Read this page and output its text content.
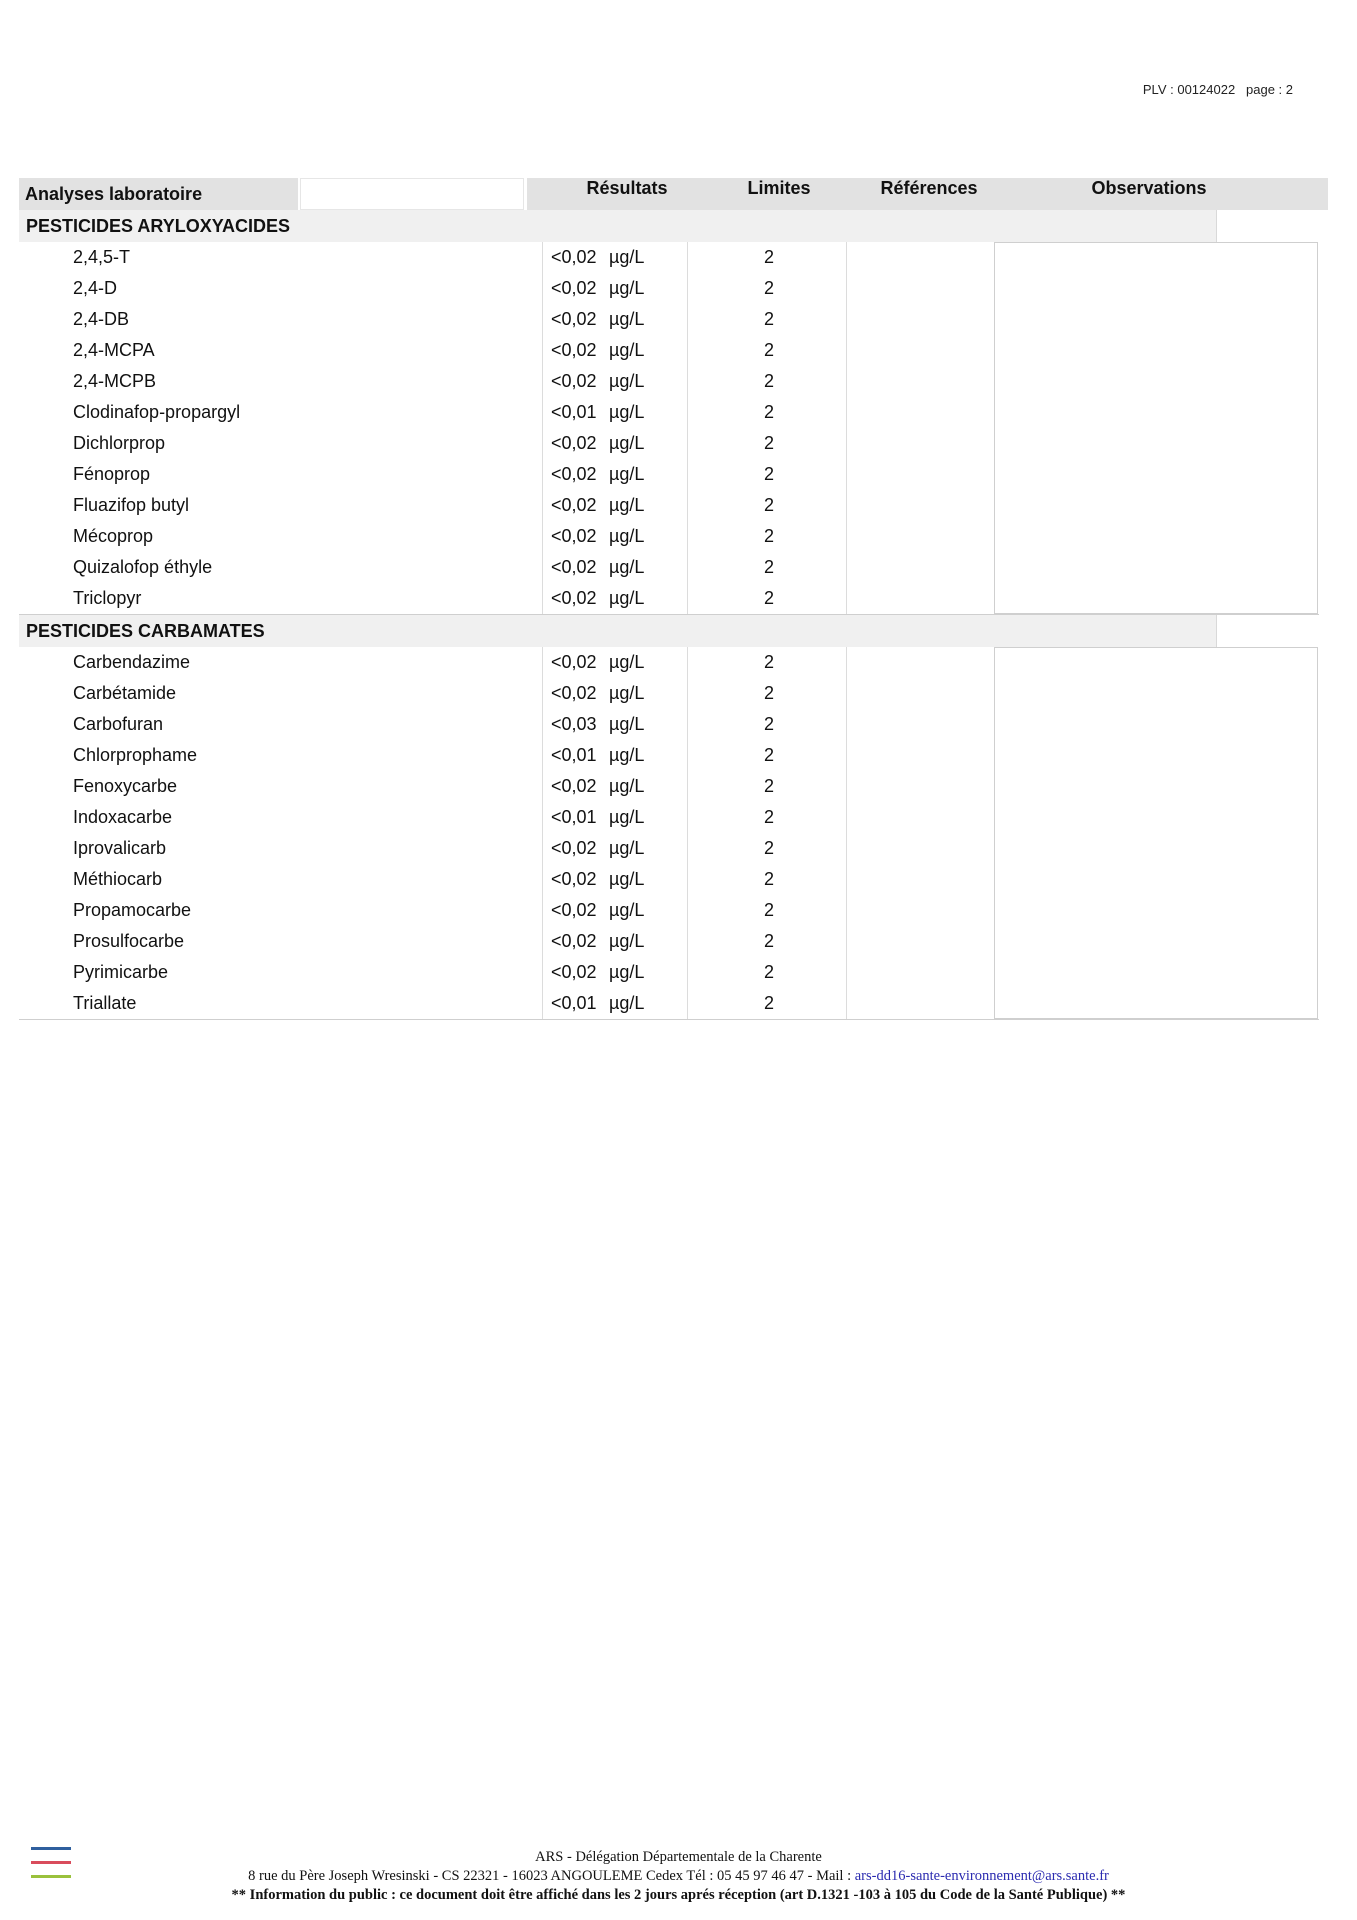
PLV : 00124022   page : 2
Analyses laboratoire	Résultats	Limites	Références	Observations
PESTICIDES ARYLOXYACIDES
2,4,5-T	<0,02 µg/L	2
2,4-D	<0,02 µg/L	2
2,4-DB	<0,02 µg/L	2
2,4-MCPA	<0,02 µg/L	2
2,4-MCPB	<0,02 µg/L	2
Clodinafop-propargyl	<0,01 µg/L	2
Dichlorprop	<0,02 µg/L	2
Fénoprop	<0,02 µg/L	2
Fluazifop butyl	<0,02 µg/L	2
Mécoprop	<0,02 µg/L	2
Quizalofop éthyle	<0,02 µg/L	2
Triclopyr	<0,02 µg/L	2
PESTICIDES CARBAMATES
Carbendazime	<0,02 µg/L	2
Carbétamide	<0,02 µg/L	2
Carbofuran	<0,03 µg/L	2
Chlorprophame	<0,01 µg/L	2
Fenoxycarbe	<0,02 µg/L	2
Indoxacarbe	<0,01 µg/L	2
Iprovalicarb	<0,02 µg/L	2
Méthiocarb	<0,02 µg/L	2
Propamocarbe	<0,02 µg/L	2
Prosulfocarbe	<0,02 µg/L	2
Pyrimicarbe	<0,02 µg/L	2
Triallate	<0,01 µg/L	2
ARS - Délégation Départementale de la Charente
8 rue du Père Joseph Wresinski - CS 22321 - 16023 ANGOULEME Cedex Tél : 05 45 97 46 47 - Mail : ars-dd16-sante-environnement@ars.sante.fr
** Information du public : ce document doit être affiché dans les 2 jours aprés réception (art D.1321 -103 à 105 du Code de la Santé Publique) **
